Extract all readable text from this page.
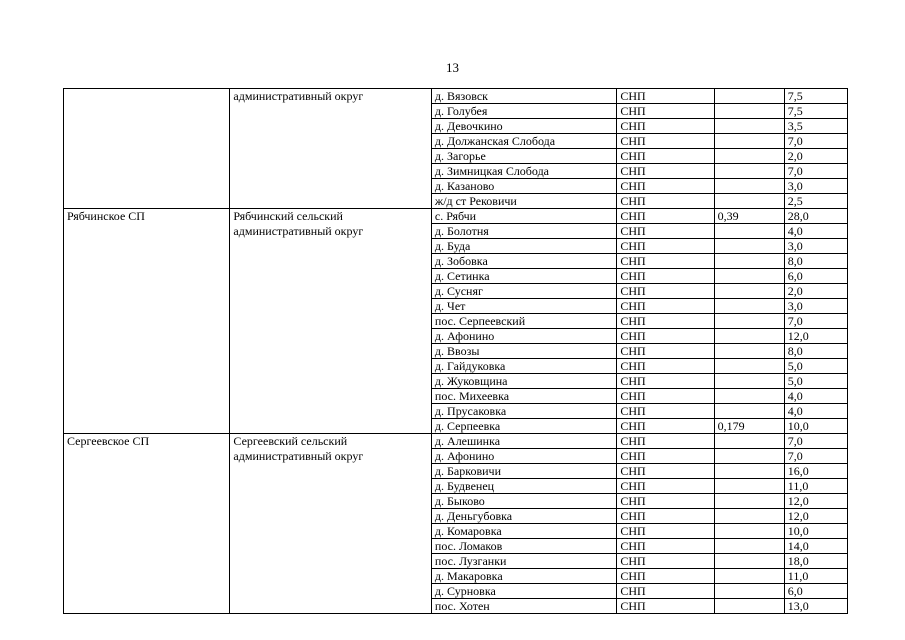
13

	административный округ	д. Вязовск	СНП		7,5
		д. Голубея	СНП		7,5
		д. Девочкино	СНП		3,5
		д. Должанская Слобода	СНП		7,0
		д. Загорье	СНП		2,0
		д. Зимницкая Слобода	СНП		7,0
		д. Казаново	СНП		3,0
		ж/д ст Рековичи	СНП		2,5
Рябчинское СП	Рябчинский сельский административный округ	с. Рябчи	СНП	0,39	28,0
		д. Болотня	СНП		4,0
		д. Буда	СНП		3,0
		д. Зобовка	СНП		8,0
		д. Сетинка	СНП		6,0
		д. Сусняг	СНП		2,0
		д. Чет	СНП		3,0
		пос. Серпеевский	СНП		7,0
		д. Афонино	СНП		12,0
		д. Ввозы	СНП		8,0
		д. Гайдуковка	СНП		5,0
		д. Жуковщина	СНП		5,0
		пос. Михеевка	СНП		4,0
		д. Прусаковка	СНП		4,0
		д. Серпеевка	СНП	0,179	10,0
Сергеевское СП	Сергеевский сельский административный округ	д. Алешинка	СНП		7,0
		д. Афонино	СНП		7,0
		д. Барковичи	СНП		16,0
		д. Будвенец	СНП		11,0
		д. Быково	СНП		12,0
		д. Деньгубовка	СНП		12,0
		д. Комаровка	СНП		10,0
		пос. Ломаков	СНП		14,0
		пос. Лузганки	СНП		18,0
		д. Макаровка	СНП		11,0
		д. Сурновка	СНП		6,0
		пос. Хотен	СНП		13,0
